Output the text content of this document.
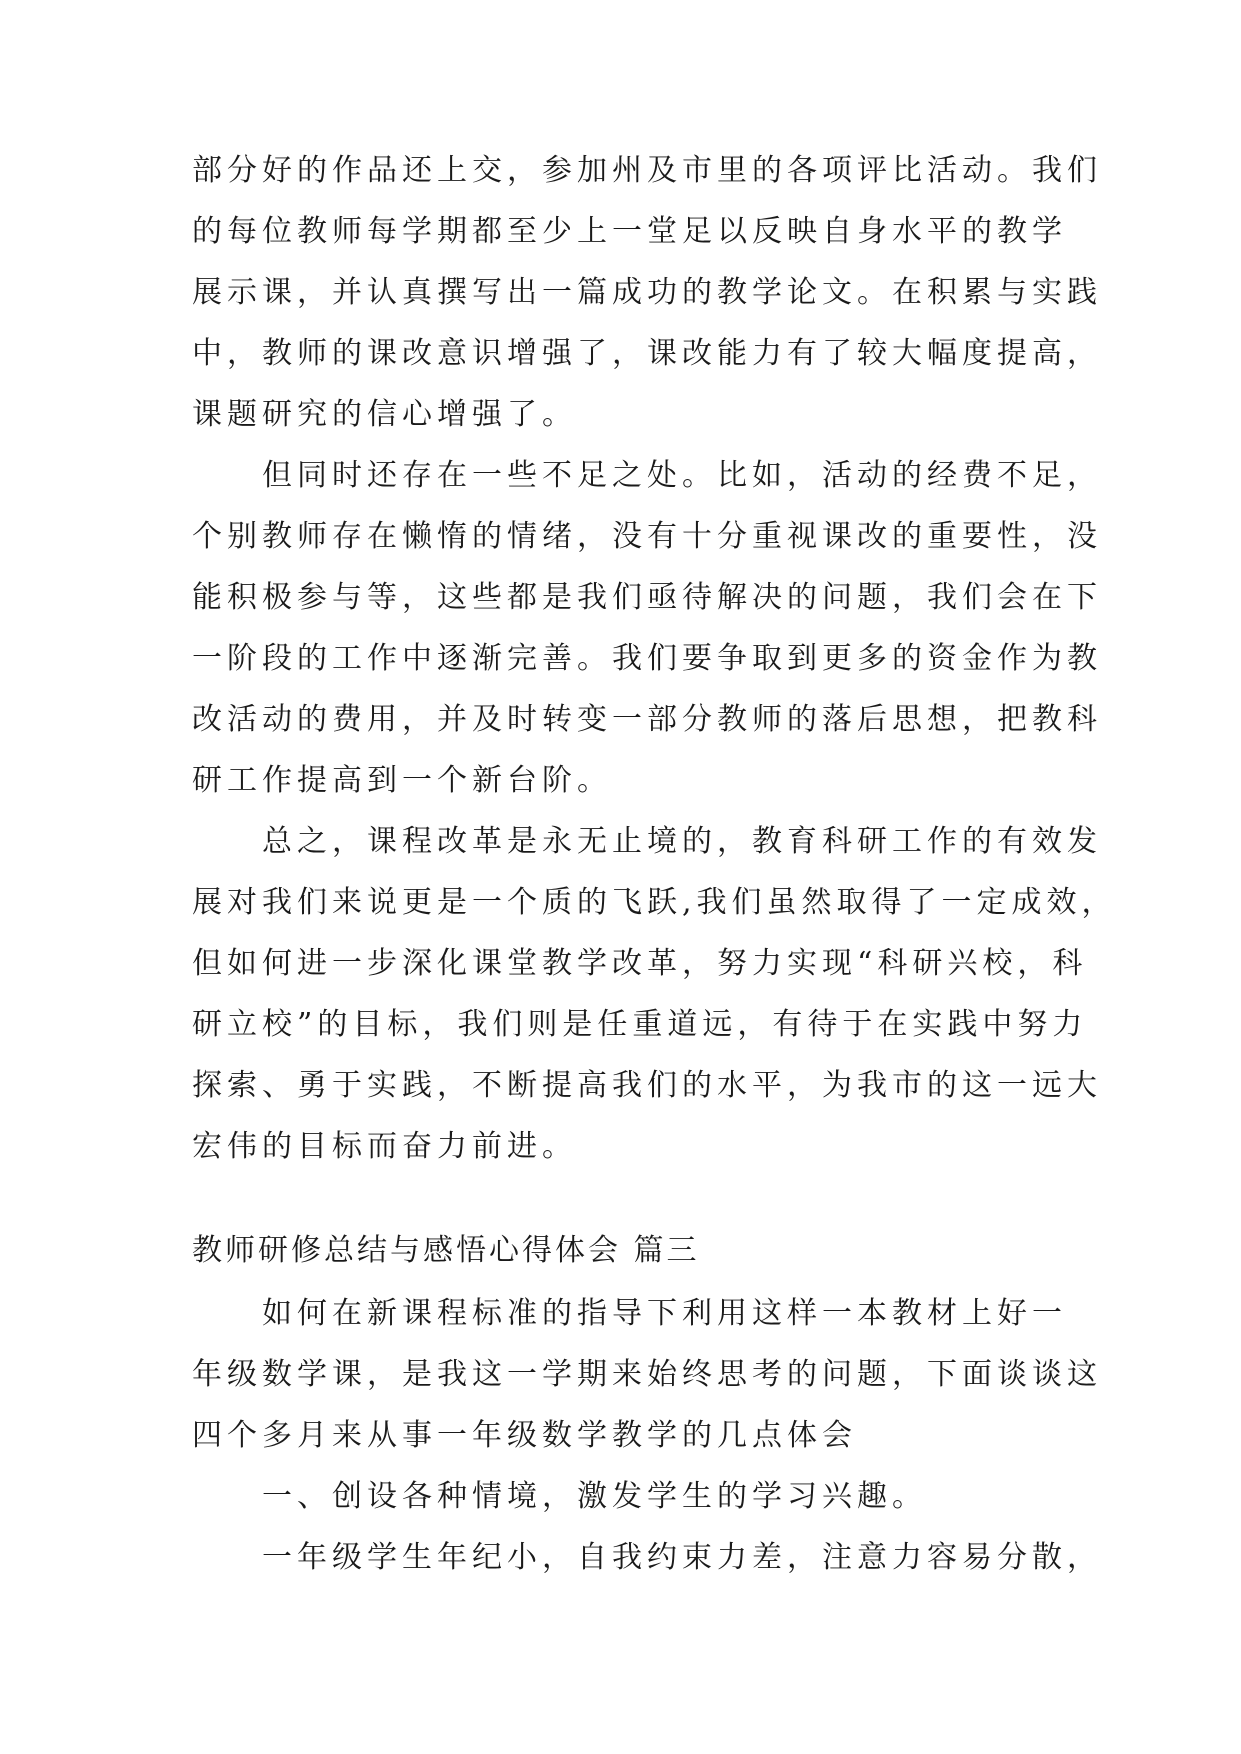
部分好的作品还上交，参加州及市里的各项评比活动。我们
的每位教师每学期都至少上一堂足以反映自身水平的教学
展示课，并认真撰写出一篇成功的教学论文。在积累与实践
中，教师的课改意识增强了，课改能力有了较大幅度提高，
课题研究的信心增强了。
　　但同时还存在一些不足之处。比如，活动的经费不足，
个别教师存在懒惰的情绪，没有十分重视课改的重要性，没
能积极参与等，这些都是我们亟待解决的问题，我们会在下
一阶段的工作中逐渐完善。我们要争取到更多的资金作为教
改活动的费用，并及时转变一部分教师的落后思想，把教科
研工作提高到一个新台阶。
　　总之，课程改革是永无止境的，教育科研工作的有效发
展对我们来说更是一个质的飞跃,我们虽然取得了一定成效，
但如何进一步深化课堂教学改革，努力实现“科研兴校，科
研立校”的目标，我们则是任重道远，有待于在实践中努力
探索、勇于实践，不断提高我们的水平，为我市的这一远大
宏伟的目标而奋力前进。
教师研修总结与感悟心得体会 篇三
　　如何在新课程标准的指导下利用这样一本教材上好一
年级数学课，是我这一学期来始终思考的问题，下面谈谈这
四个多月来从事一年级数学教学的几点体会
　　一、创设各种情境，激发学生的学习兴趣。
　　一年级学生年纪小，自我约束力差，注意力容易分散，
